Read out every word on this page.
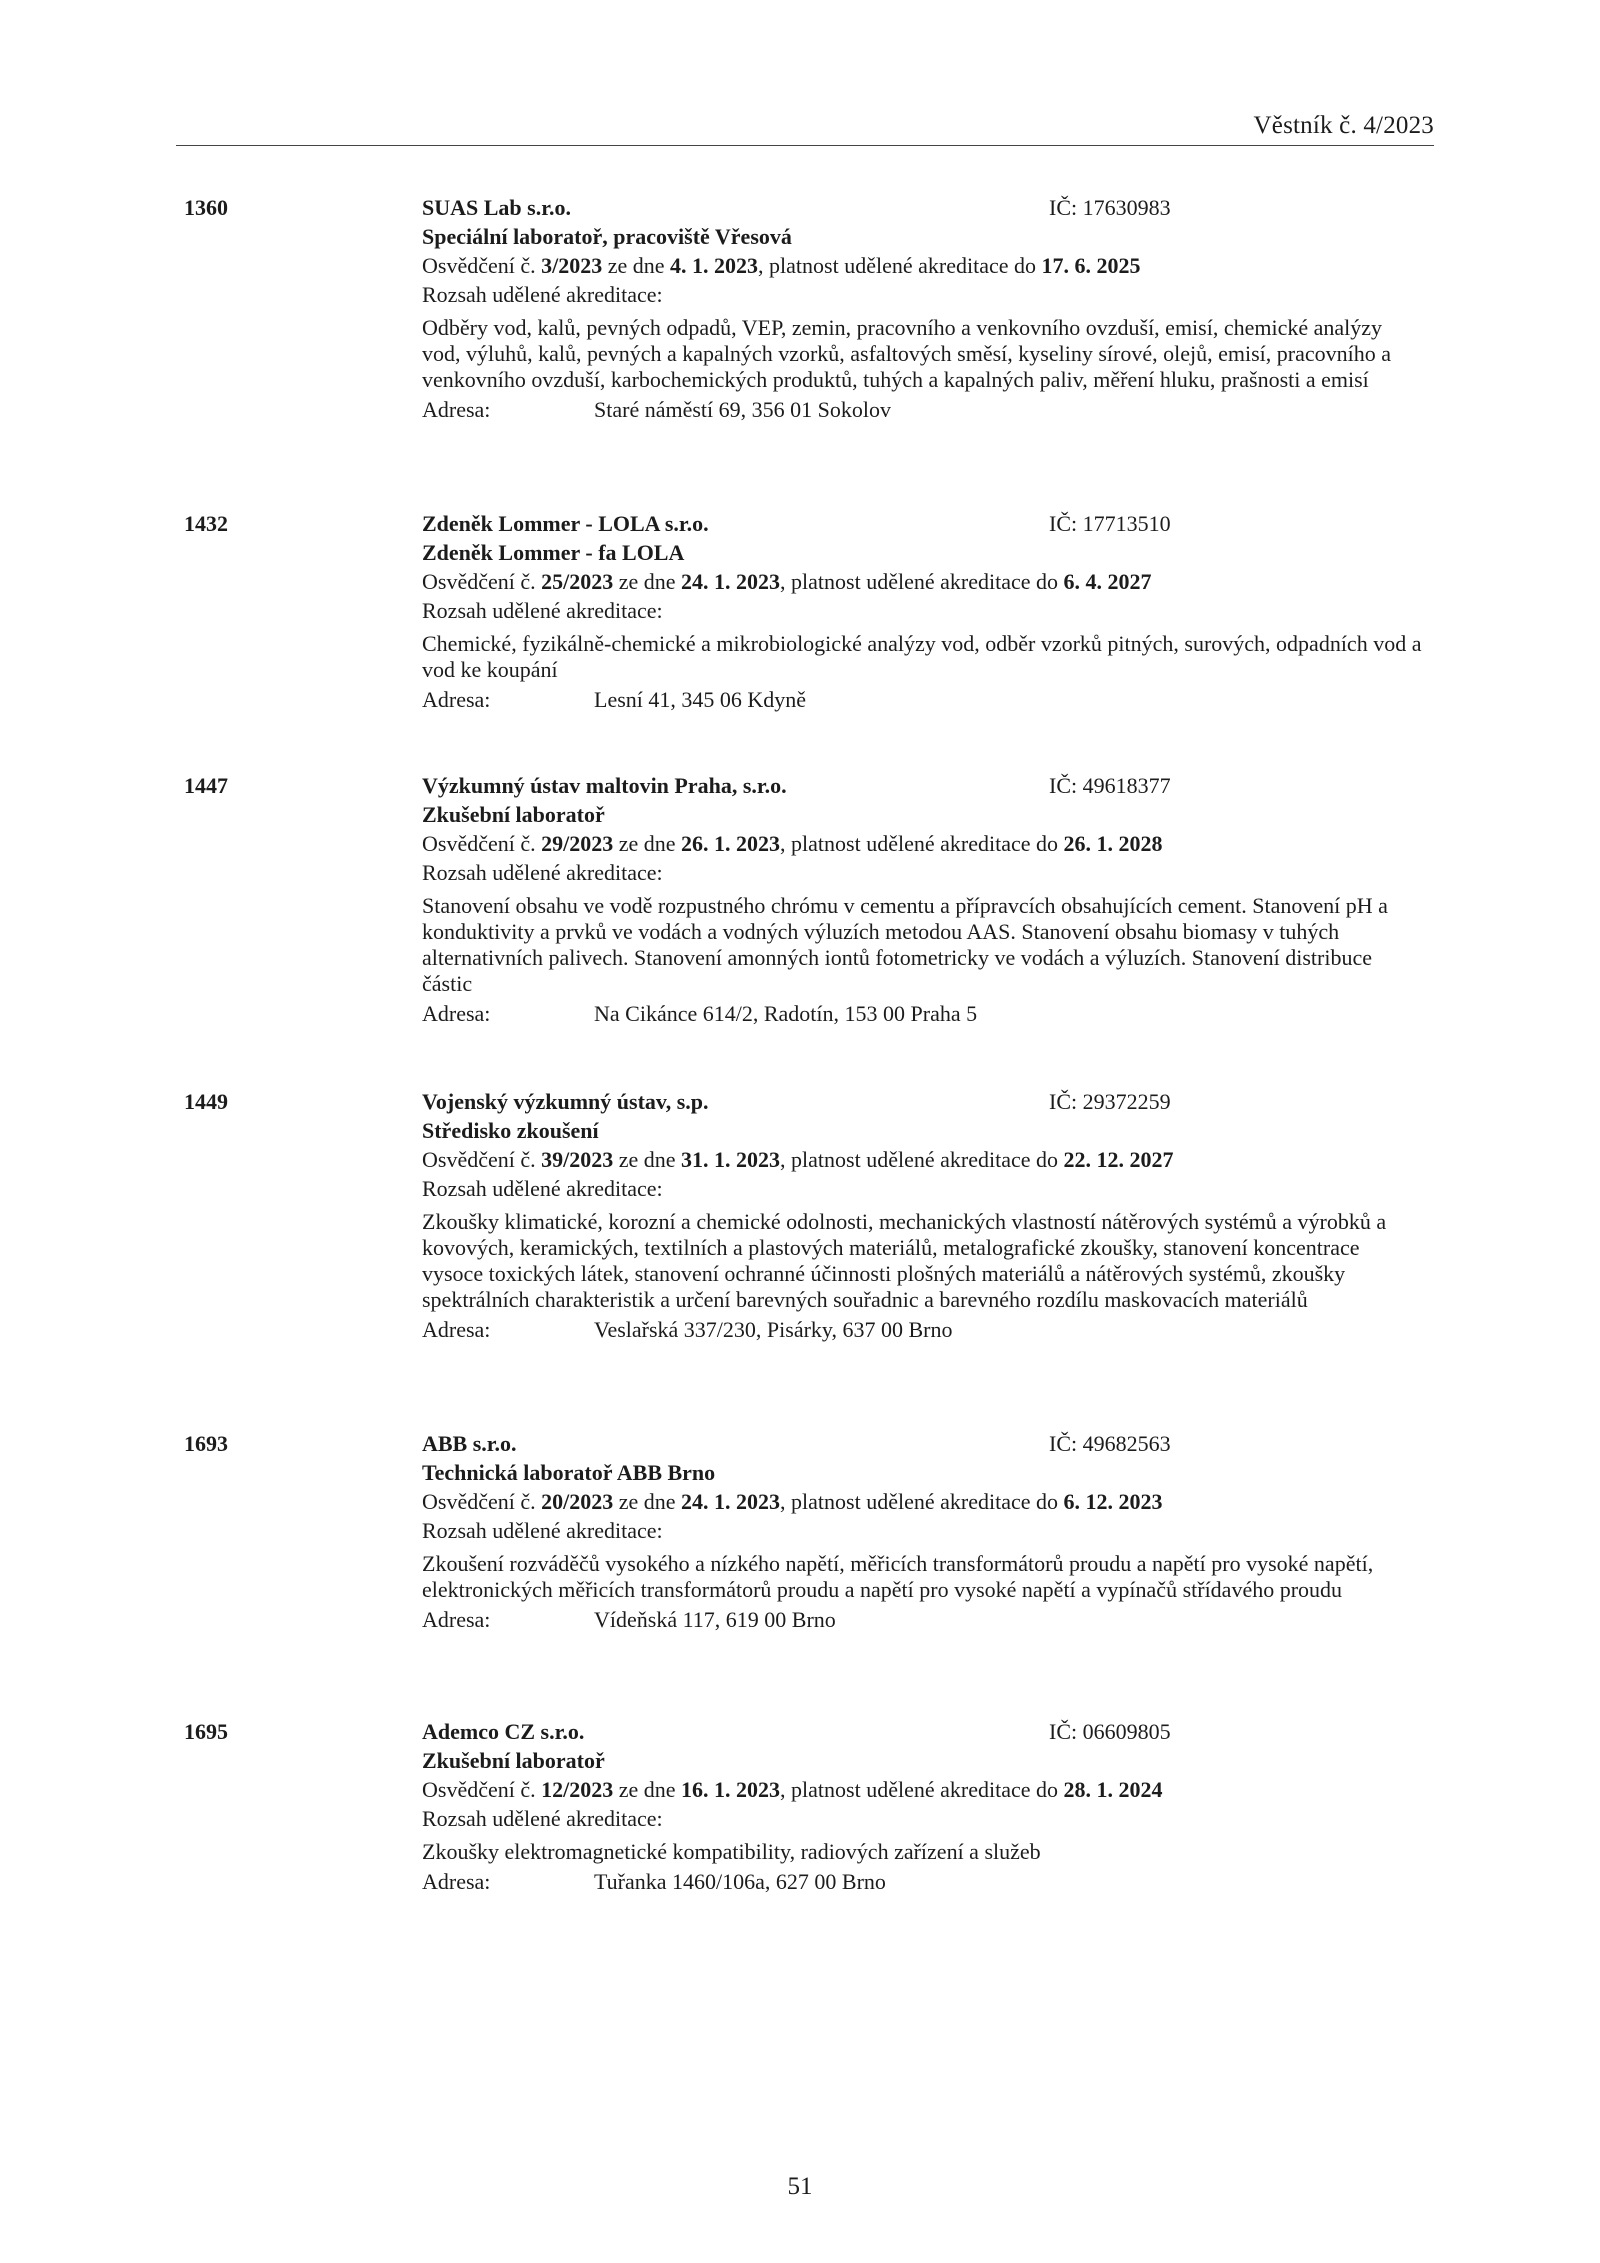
Věstník č. 4/2023
1360	SUAS Lab s.r.o.	IČ: 17630983
Speciální laboratoř, pracoviště Vřesová
Osvědčení č. 3/2023 ze dne 4. 1. 2023, platnost udělené akreditace do 17. 6. 2025
Rozsah udělené akreditace:
Odběry vod, kalů, pevných odpadů, VEP, zemin, pracovního a venkovního ovzduší, emisí, chemické analýzy vod, výluhů, kalů, pevných a kapalných vzorků, asfaltových směsí, kyseliny sírové, olejů, emisí, pracovního a venkovního ovzduší, karbochemických produktů, tuhých a kapalných paliv, měření hluku, prašnosti a emisí
Adresa:	Staré náměstí 69, 356 01 Sokolov
1432	Zdeněk Lommer - LOLA s.r.o.	IČ: 17713510
Zdeněk Lommer - fa LOLA
Osvědčení č. 25/2023 ze dne 24. 1. 2023, platnost udělené akreditace do 6. 4. 2027
Rozsah udělené akreditace:
Chemické, fyzikálně-chemické a mikrobiologické analýzy vod, odběr vzorků pitných, surových, odpadních vod a vod ke koupání
Adresa:	Lesní 41, 345 06 Kdyně
1447	Výzkumný ústav maltovin Praha, s.r.o.	IČ: 49618377
Zkušební laboratoř
Osvědčení č. 29/2023 ze dne 26. 1. 2023, platnost udělené akreditace do 26. 1. 2028
Rozsah udělené akreditace:
Stanovení obsahu ve vodě rozpustného chrómu v cementu a přípravcích obsahujících cement. Stanovení pH a konduktivity a prvků ve vodách a vodných výluzích metodou AAS. Stanovení obsahu biomasy v tuhých alternativních palivech. Stanovení amonných iontů fotometricky ve vodách a výluzích. Stanovení distribuce částic
Adresa:	Na Cikánce 614/2, Radotín, 153 00 Praha 5
1449	Vojenský výzkumný ústav, s.p.	IČ: 29372259
Středisko zkoušení
Osvědčení č. 39/2023 ze dne 31. 1. 2023, platnost udělené akreditace do 22. 12. 2027
Rozsah udělené akreditace:
Zkoušky klimatické, korozní a chemické odolnosti, mechanických vlastností nátěrových systémů a výrobků a kovových, keramických, textilních a plastových materiálů, metalografické zkoušky, stanovení koncentrace vysoce toxických látek, stanovení ochranné účinnosti plošných materiálů a nátěrových systémů, zkoušky spektrálních charakteristik a určení barevných souřadnic a barevného rozdílu maskovacích materiálů
Adresa:	Veslařská 337/230, Pisárky, 637 00 Brno
1693	ABB s.r.o.	IČ: 49682563
Technická laboratoř ABB Brno
Osvědčení č. 20/2023 ze dne 24. 1. 2023, platnost udělené akreditace do 6. 12. 2023
Rozsah udělené akreditace:
Zkoušení rozváděčů vysokého a nízkého napětí, měřicích transformátorů proudu a napětí pro vysoké napětí, elektronických měřicích transformátorů proudu a napětí pro vysoké napětí a vypínačů střídavého proudu
Adresa:	Vídeňská 117, 619 00 Brno
1695	Ademco CZ s.r.o.	IČ: 06609805
Zkušební laboratoř
Osvědčení č. 12/2023 ze dne 16. 1. 2023, platnost udělené akreditace do 28. 1. 2024
Rozsah udělené akreditace:
Zkoušky elektromagnetické kompatibility, radiových zařízení a služeb
Adresa:	Tuřanka 1460/106a, 627 00 Brno
51
